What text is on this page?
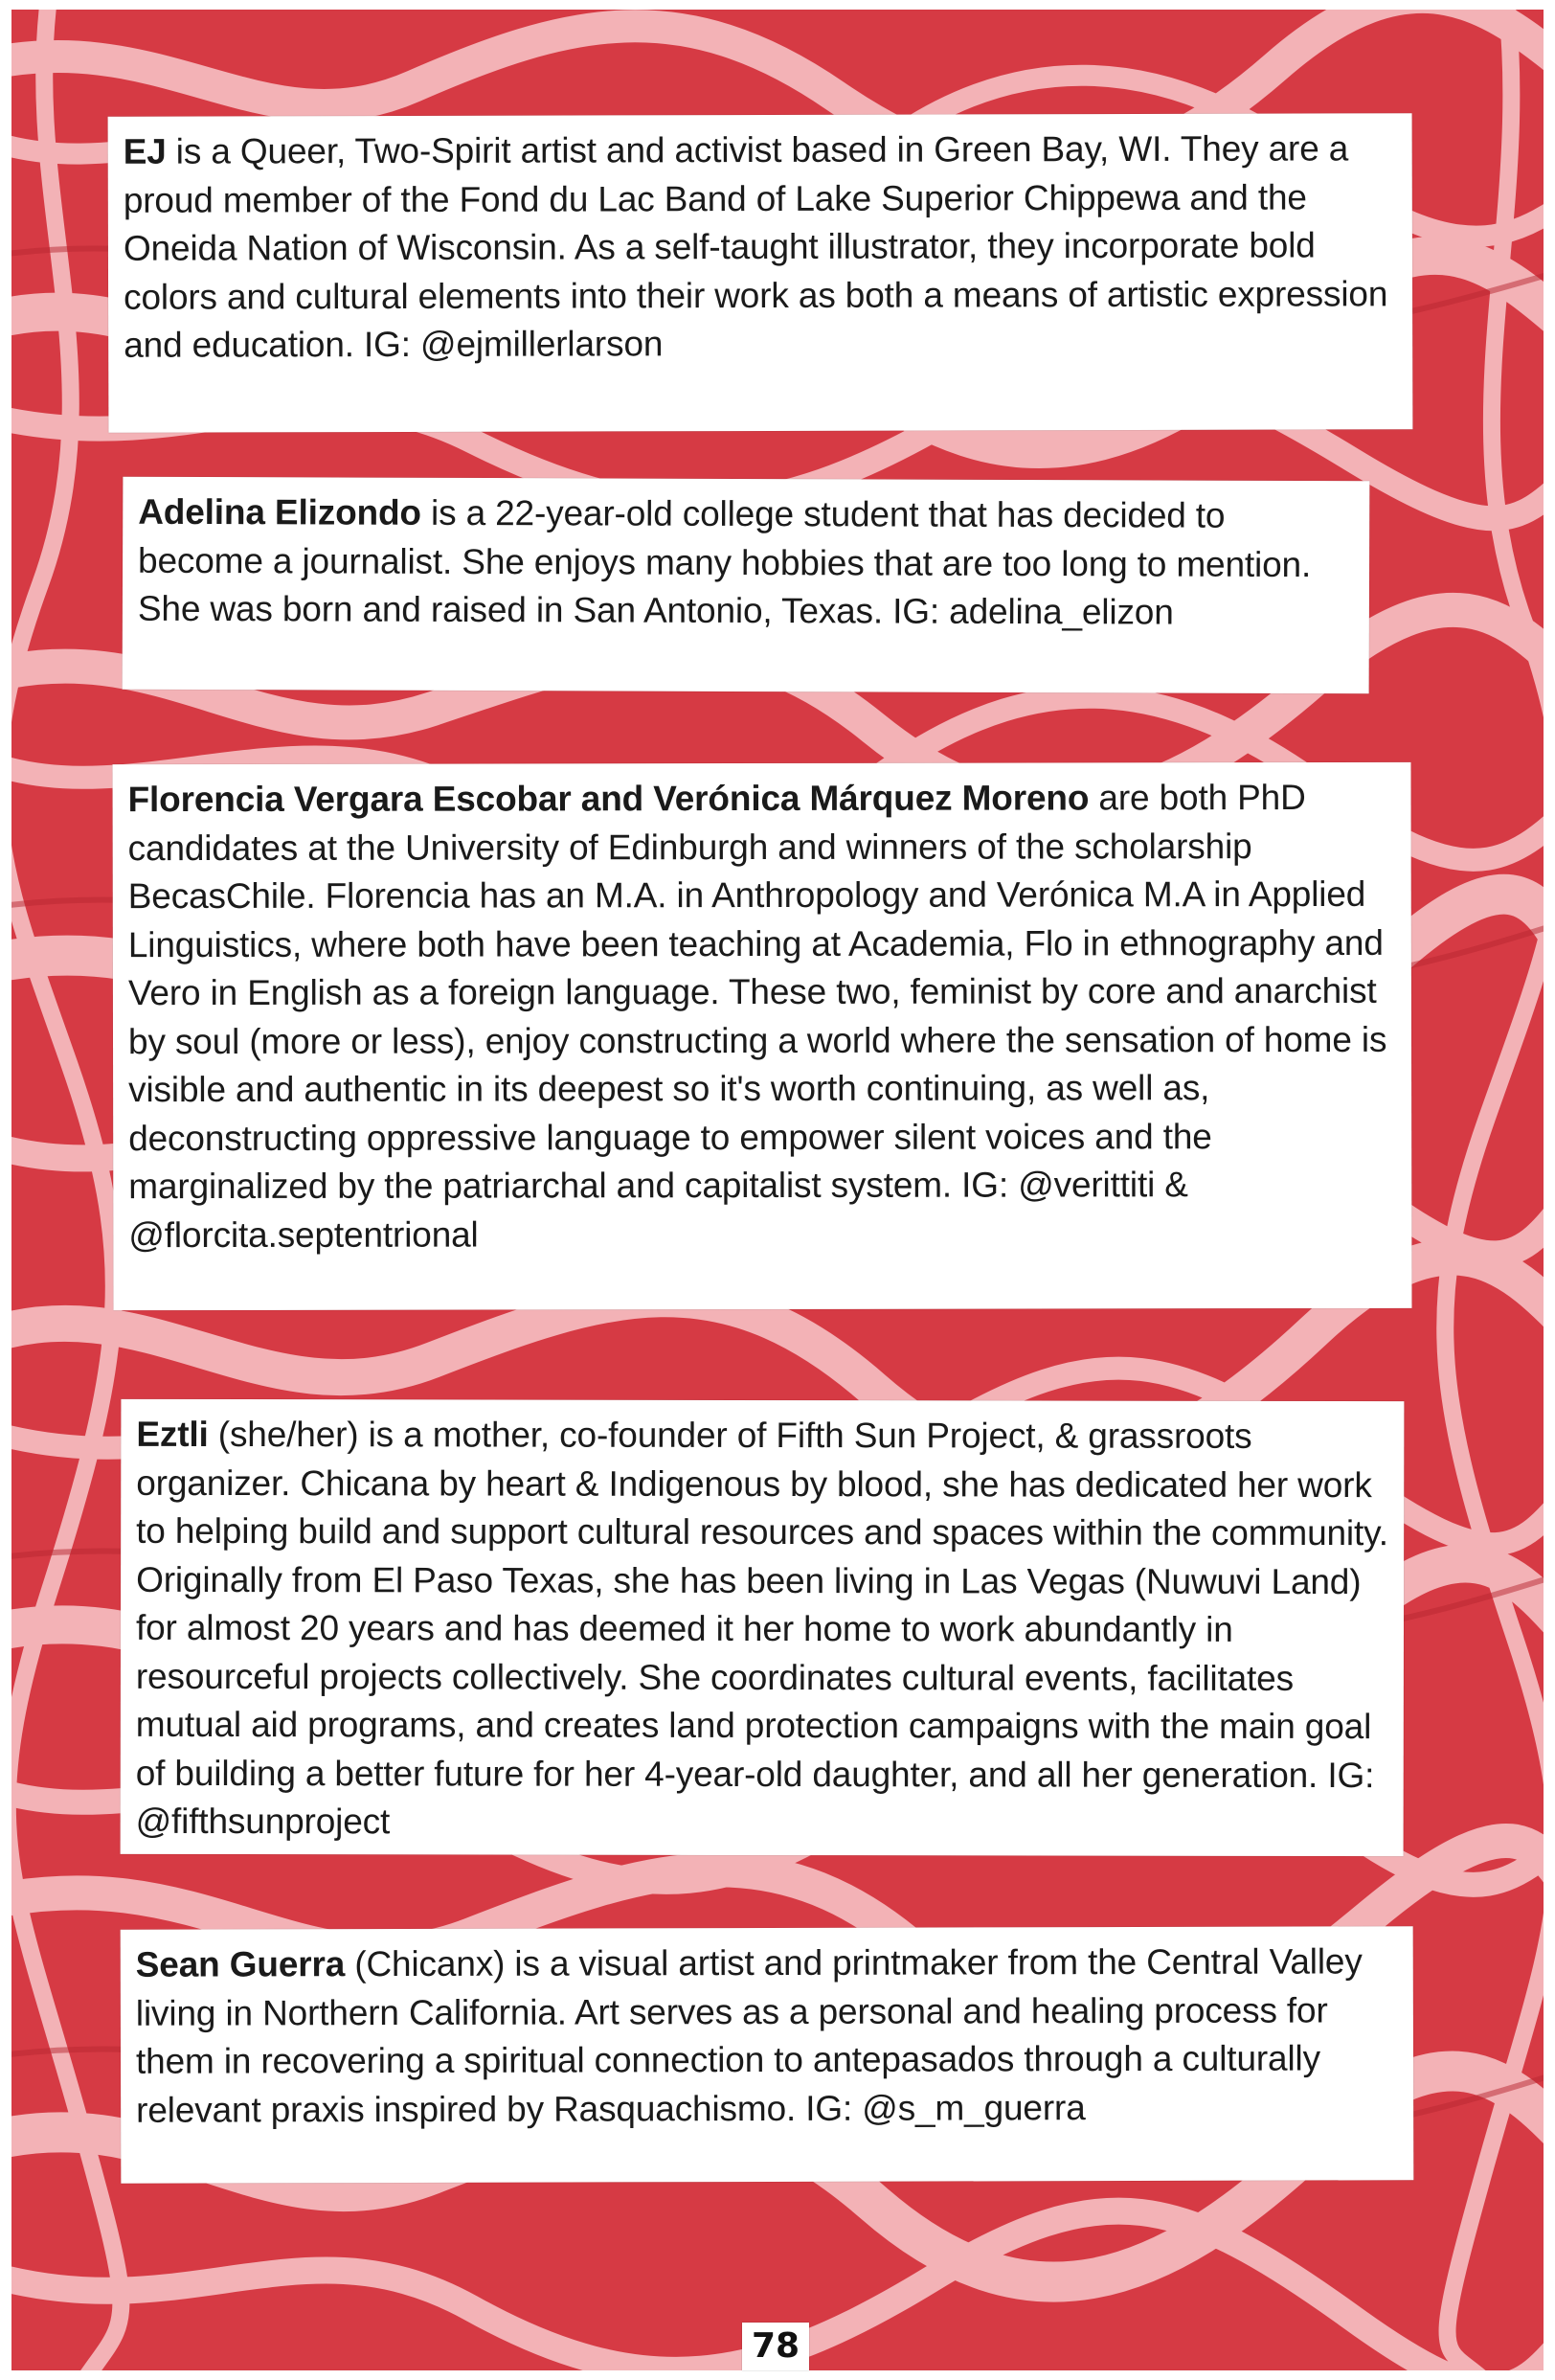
EJ is a Queer, Two-Spirit artist and activist based in Green Bay, WI. They are a proud member of the Fond du Lac Band of Lake Superior Chippewa and the Oneida Nation of Wisconsin. As a self-taught illustrator, they incorporate bold colors and cultural elements into their work as both a means of artistic expression and education. IG: @ejmillerlarson

Adelina Elizondo is a 22-year-old college student that has decided to become a journalist. She enjoys many hobbies that are too long to mention. She was born and raised in San Antonio, Texas. IG: adelina_elizon

Florencia Vergara Escobar and Verónica Márquez Moreno are both PhD candidates at the University of Edinburgh and winners of the scholarship BecasChile. Florencia has an M.A. in Anthropology and Verónica M.A in Applied Linguistics, where both have been teaching at Academia, Flo in ethnography and Vero in English as a foreign language. These two, feminist by core and anarchist by soul (more or less), enjoy constructing a world where the sensation of home is visible and authentic in its deepest so it's worth continuing, as well as, deconstructing oppressive language to empower silent voices and the marginalized by the patriarchal and capitalist system. IG: @verittiti & @florcita.septentrional

Eztli (she/her) is a mother, co-founder of Fifth Sun Project, & grassroots organizer. Chicana by heart & Indigenous by blood, she has dedicated her work to helping build and support cultural resources and spaces within the community. Originally from El Paso Texas, she has been living in Las Vegas (Nuwuvi Land) for almost 20 years and has deemed it her home to work abundantly in resourceful projects collectively. She coordinates cultural events, facilitates mutual aid programs, and creates land protection campaigns with the main goal of building a better future for her 4-year-old daughter, and all her generation. IG: @fifthsunproject

Sean Guerra (Chicanx) is a visual artist and printmaker from the Central Valley living in Northern California. Art serves as a personal and healing process for them in recovering a spiritual connection to antepasados through a culturally relevant praxis inspired by Rasquachismo. IG: @s_m_guerra

78
